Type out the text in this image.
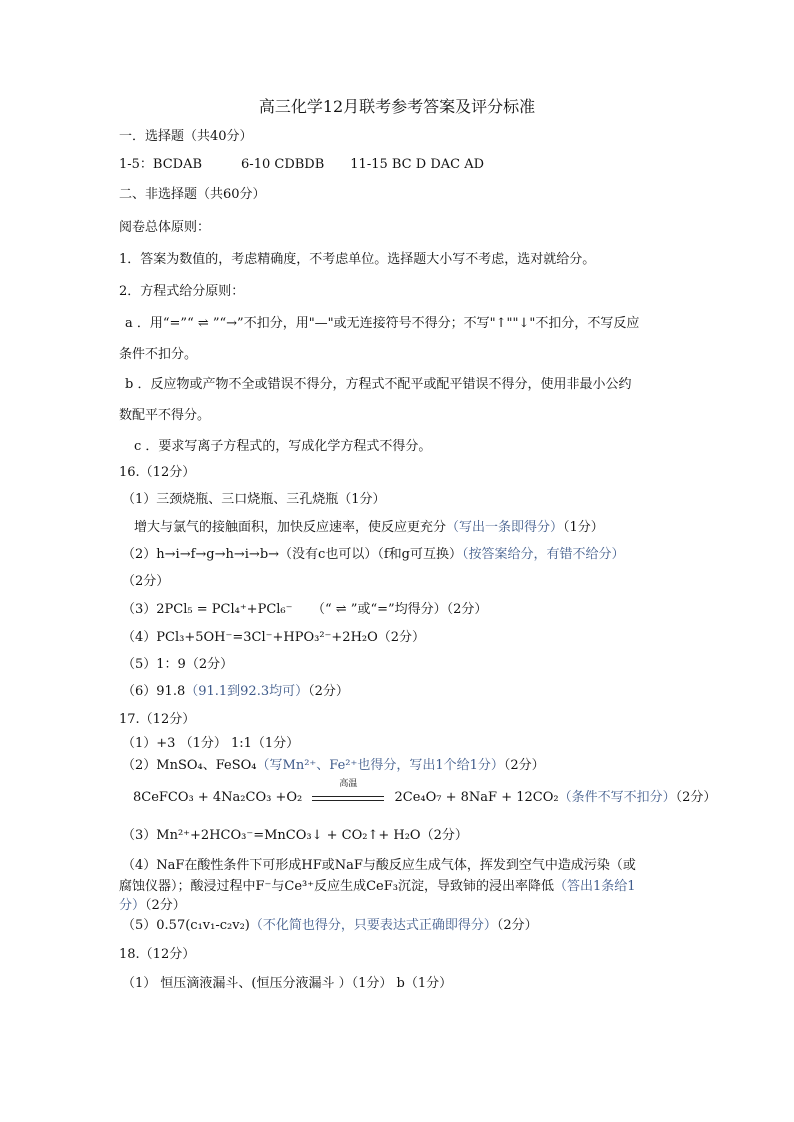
高三化学12月联考参考答案及评分标准
一．选择题（共40分）
1-5：BCDAB　　　6-10 CDBDB　　11-15 BC D DAC AD
二、非选择题（共60分）
阅卷总体原则：
1．答案为数值的，考虑精确度，不考虑单位。选择题大小写不考虑，选对就给分。
2．方程式给分原则：
a ．用“=”“ ⇌ ”“→”不扣分，用"—"或无连接符号不得分；不写"↑""↓"不扣分，不写反应
条件不扣分。
b ．反应物或产物不全或错误不得分，方程式不配平或配平错误不得分，使用非最小公约
数配平不得分。
c ．要求写离子方程式的，写成化学方程式不得分。
16.（12分）
（1）三颈烧瓶、三口烧瓶、三孔烧瓶（1分）
增大与氯气的接触面积，加快反应速率，使反应更充分（写出一条即得分）（1分）
（2）h→i→f→g→h→i→b→（没有c也可以）（f和g可互换）（按答案给分，有错不给分）
（2分）
（3）2PCl₅ = PCl₄⁺+PCl₆⁻　　（“ ⇌ ”或“=”均得分）（2分）
（4）PCl₃+5OH⁻=3Cl⁻+HPO₃²⁻+2H₂O（2分）
（5）1：9（2分）
（6）91.8（91.1到92.3均可）（2分）
17.（12分）
（1）+3 （1分） 1:1（1分）
（2）MnSO₄、FeSO₄（写Mn²⁺、Fe²⁺也得分，写出1个给1分）（2分）
8CeFCO₃ + 4Na₂CO₃ +O₂
高温
2Ce₄O₇ + 8NaF + 12CO₂（条件不写不扣分）（2分）
（3）Mn²⁺+2HCO₃⁻=MnCO₃↓ + CO₂↑+ H₂O（2分）
（4）NaF在酸性条件下可形成HF或NaF与酸反应生成气体，挥发到空气中造成污染（或
腐蚀仪器）；酸浸过程中F⁻与Ce³⁺反应生成CeF₃沉淀，导致铈的浸出率降低（答出1条给1
分）（2分）
（5）0.57(c₁v₁-c₂v₂)（不化简也得分，只要表达式正确即得分）（2分）
18.（12分）
（1） 恒压滴液漏斗、(恒压分液漏斗 ）（1分） b（1分）
